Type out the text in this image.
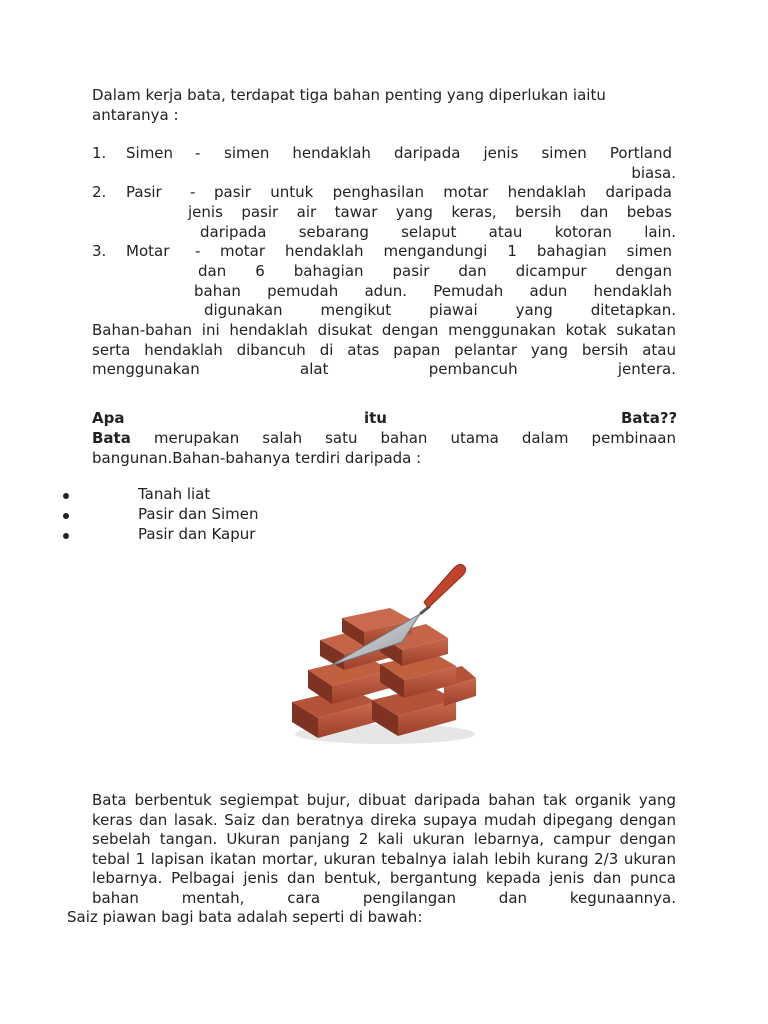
Dalam kerja bata, terdapat tiga bahan penting yang diperlukan iaitu antaranya :
1. Simen - simen hendaklah daripada jenis simen Portland
biasa.
2. Pasir - pasir untuk penghasilan motar hendaklah daripada
jenis pasir air tawar yang keras, bersih dan bebas
daripada sebarang selaput atau kotoran lain.
3. Motar - motar hendaklah mengandungi 1 bahagian simen
dan 6 bahagian pasir dan dicampur dengan
bahan pemudah adun. Pemudah adun hendaklah
digunakan mengikut piawai yang ditetapkan.
Bahan-bahan ini hendaklah disukat dengan menggunakan kotak sukatan serta hendaklah dibancuh di atas papan pelantar yang bersih atau menggunakan alat pembancuh jentera.
Apa	itu	Bata??
Bata merupakan salah satu bahan utama dalam pembinaan bangunan.Bahan-bahanya terdiri daripada :
Tanah liat
Pasir dan Simen
Pasir dan Kapur
Bata berbentuk segiempat bujur, dibuat daripada bahan tak organik yang keras dan lasak. Saiz dan beratnya direka supaya mudah dipegang dengan sebelah tangan. Ukuran panjang 2 kali ukuran lebarnya, campur dengan tebal 1 lapisan ikatan mortar, ukuran tebalnya ialah lebih kurang 2/3 ukuran lebarnya. Pelbagai jenis dan bentuk, bergantung kepada jenis dan punca bahan mentah, cara pengilangan dan kegunaannya.
Saiz piawan bagi bata adalah seperti di bawah:
